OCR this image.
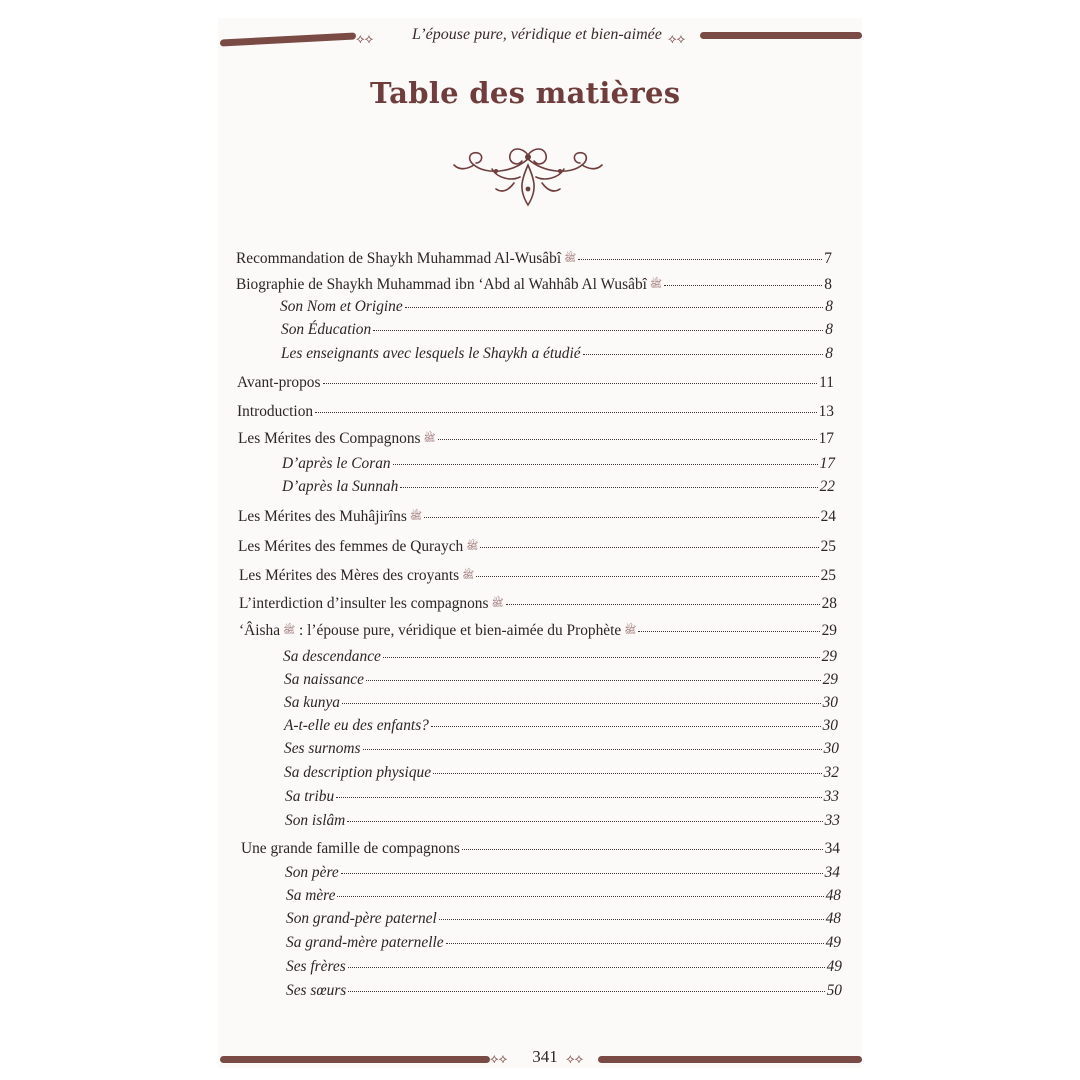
⟡⟡	⟡⟡
L’épouse pure, véridique et bien-aimée
Table des matières
Recommandation de Shaykh Muhammad Al-Wusâbî ﷺ	7
Biographie de Shaykh Muhammad ibn ‘Abd al Wahhâb Al Wusâbî ﷺ	8
Son Nom et Origine	8
Son Éducation	8
Les enseignants avec lesquels le Shaykh a étudié	8
Avant-propos	11
Introduction	13
Les Mérites des Compagnons ﷺ	17
D’après le Coran	17
D’après la Sunnah	22
Les Mérites des Muhâjirîns ﷺ	24
Les Mérites des femmes de Quraych ﷺ	25
Les Mérites des Mères des croyants ﷺ	25
L’interdiction d’insulter les compagnons ﷺ	28
‘Âisha ﷺ : l’épouse pure, véridique et bien-aimée du Prophète ﷺ	29
Sa descendance	29
Sa naissance	29
Sa kunya	30
A-t-elle eu des enfants?	30
Ses surnoms	30
Sa description physique	32
Sa tribu	33
Son islâm	33
Une grande famille de compagnons	34
Son père	34
Sa mère	48
Son grand-père paternel	48
Sa grand-mère paternelle	49
Ses frères	49
Ses sœurs	50
⟡⟡	⟡⟡
341
